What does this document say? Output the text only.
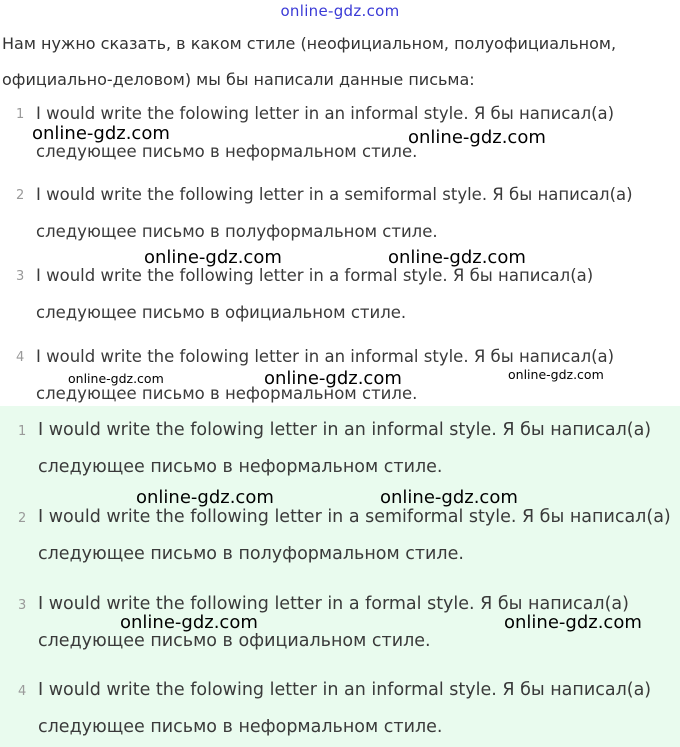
online-gdz.com
Нам нужно сказать, в каком стиле (неофициальном, полуофициальном,
официально-деловом) мы бы написали данные письма:
1 I would write the folowing letter in an informal style. Я бы написал(а)
следующее письмо в неформальном стиле.
2 I would write the following letter in a semiformal style. Я бы написал(а)
следующее письмо в полуформальном стиле.
3 I would write the following letter in a formal style. Я бы написал(а)
следующее письмо в официальном стиле.
4 I would write the folowing letter in an informal style. Я бы написал(а)
следующее письмо в неформальном стиле.
1 I would write the folowing letter in an informal style. Я бы написал(а)
следующее письмо в неформальном стиле.
2 I would write the following letter in a semiformal style. Я бы написал(а)
следующее письмо в полуформальном стиле.
3 I would write the following letter in a formal style. Я бы написал(а)
следующее письмо в официальном стиле.
4 I would write the folowing letter in an informal style. Я бы написал(а)
следующее письмо в неформальном стиле.
online-gdz.com	online-gdz.com
online-gdz.com	online-gdz.com
online-gdz.com	online-gdz.com	online-gdz.com
online-gdz.com	online-gdz.com
online-gdz.com	online-gdz.com
